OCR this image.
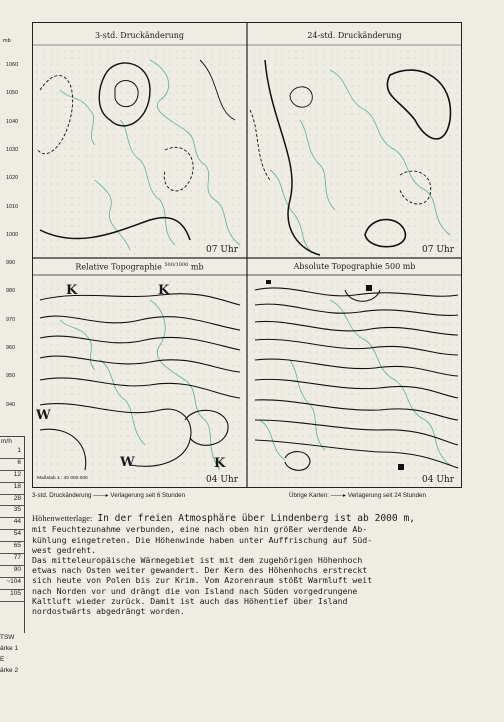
mb
1060
1050
1040
1030
1020
1010
1000
990
980
970
960
950
940
3-std. Druckänderung	24-std. Druckänderung
Relative Topographie $^{500/1000}$ mb	Absolute Topographie 500 mb
07 Uhr	07 Uhr
04 Uhr	04 Uhr
Maßstab 1 : 40 000 000
K	K
W
W	K
3-std. Druckänderung ——▸ Verlagerung seit 6 Stunden	Übrige Karten: ——▸ Verlagerung seit 24 Stunden
m/h
1
6
12
18
28
35
44
54
65
77
90
~104
105
TSW
ärke 1
E
ärke 2

Höhenwetterlage: In der freien Atmosphäre über Lindenberg ist ab 2000 m,
mit Feuchtezunahme verbunden, eine nach oben hin größer werdende Ab-
kühlung eingetreten. Die Höhenwinde haben unter Auffrischung auf Süd-
west gedreht.
Das mitteleuropäische Wärmegebiet ist mit dem zugehörigen Höhenhoch
etwas nach Osten weiter gewandert. Der Kern des Höhenhochs erstreckt
sich heute von Polen bis zur Krim. Vom Azorenraum stößt Warmluft weit
nach Norden vor und drängt die von Island nach Süden vorgedrungene
Kaltluft wieder zurück. Damit ist auch das Höhentief über Island
nordostwärts abgedrängt worden.
